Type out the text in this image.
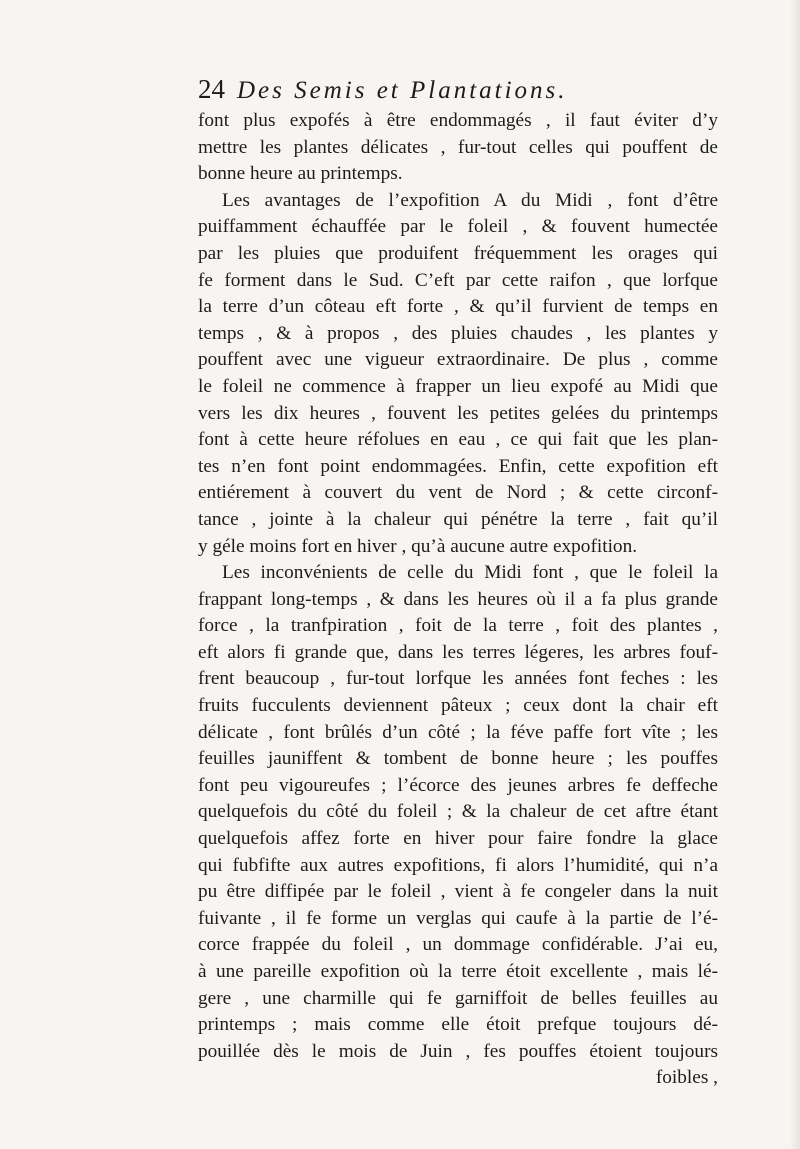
24 Des Semis et Plantations.
font plus expofés à être endommagés , il faut éviter d’y
mettre les plantes délicates , fur-tout celles qui pouffent de
bonne heure au printemps.
Les avantages de l’expofition A du Midi , font d’être
puiffamment échauffée par le foleil , & fouvent humectée
par les pluies que produifent fréquemment les orages qui
fe forment dans le Sud. C’eft par cette raifon , que lorfque
la terre d’un côteau eft forte , & qu’il furvient de temps en
temps , & à propos , des pluies chaudes , les plantes y
pouffent avec une vigueur extraordinaire. De plus , comme
le foleil ne commence à frapper un lieu expofé au Midi que
vers les dix heures , fouvent les petites gelées du printemps
font à cette heure réfolues en eau , ce qui fait que les plan-
tes n’en font point endommagées. Enfin, cette expofition eft
entiérement à couvert du vent de Nord ; & cette circonf-
tance , jointe à la chaleur qui pénétre la terre , fait qu’il
y géle moins fort en hiver , qu’à aucune autre expofition.
Les inconvénients de celle du Midi font , que le foleil la
frappant long-temps , & dans les heures où il a fa plus grande
force , la tranfpiration , foit de la terre , foit des plantes ,
eft alors fi grande que, dans les terres légeres, les arbres fouf-
frent beaucoup , fur-tout lorfque les années font feches : les
fruits fucculents deviennent pâteux ; ceux dont la chair eft
délicate , font brûlés d’un côté ; la féve paffe fort vîte ; les
feuilles jauniffent & tombent de bonne heure ; les pouffes
font peu vigoureufes ; l’écorce des jeunes arbres fe deffeche
quelquefois du côté du foleil ; & la chaleur de cet aftre étant
quelquefois affez forte en hiver pour faire fondre la glace
qui fubfifte aux autres expofitions, fi alors l’humidité, qui n’a
pu être diffipée par le foleil , vient à fe congeler dans la nuit
fuivante , il fe forme un verglas qui caufe à la partie de l’é-
corce frappée du foleil , un dommage confidérable. J’ai eu,
à une pareille expofition où la terre étoit excellente , mais lé-
gere , une charmille qui fe garniffoit de belles feuilles au
printemps ; mais comme elle étoit prefque toujours dé-
pouillée dès le mois de Juin , fes pouffes étoient toujours
foibles ,
